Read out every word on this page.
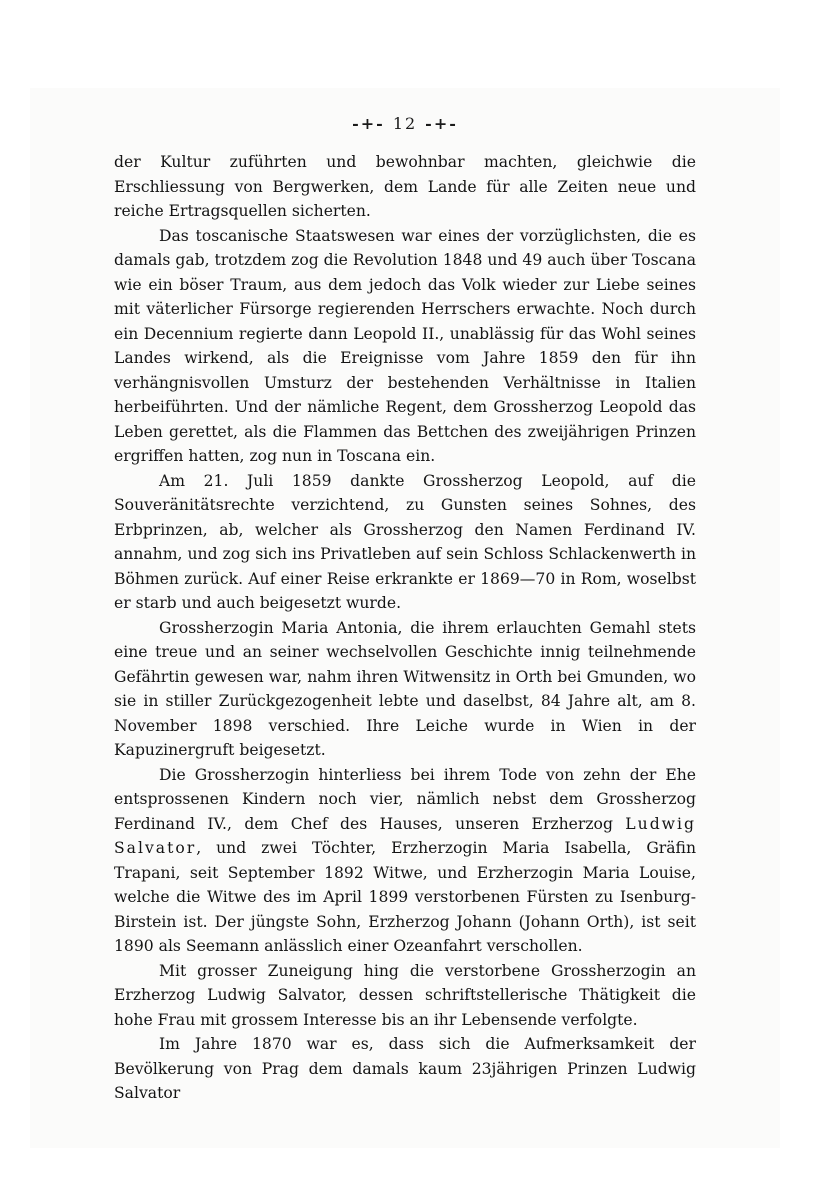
-+- 12 -+-

der Kultur zuführten und bewohnbar machten, gleichwie die Erschliessung von Bergwerken, dem Lande für alle Zeiten neue und reiche Ertragsquellen sicherten.

Das toscanische Staatswesen war eines der vorzüglichsten, die es damals gab, trotzdem zog die Revolution 1848 und 49 auch über Toscana wie ein böser Traum, aus dem jedoch das Volk wieder zur Liebe seines mit väterlicher Fürsorge regierenden Herrschers erwachte. Noch durch ein Decennium regierte dann Leopold II., unablässig für das Wohl seines Landes wirkend, als die Ereignisse vom Jahre 1859 den für ihn verhängnisvollen Umsturz der bestehenden Verhältnisse in Italien herbeiführten. Und der nämliche Regent, dem Grossherzog Leopold das Leben gerettet, als die Flammen das Bettchen des zweijährigen Prinzen ergriffen hatten, zog nun in Toscana ein.

Am 21. Juli 1859 dankte Grossherzog Leopold, auf die Souveränitätsrechte verzichtend, zu Gunsten seines Sohnes, des Erbprinzen, ab, welcher als Grossherzog den Namen Ferdinand IV. annahm, und zog sich ins Privatleben auf sein Schloss Schlackenwerth in Böhmen zurück. Auf einer Reise erkrankte er 1869—70 in Rom, woselbst er starb und auch beigesetzt wurde.

Grossherzogin Maria Antonia, die ihrem erlauchten Gemahl stets eine treue und an seiner wechselvollen Geschichte innig teilnehmende Gefährtin gewesen war, nahm ihren Witwensitz in Orth bei Gmunden, wo sie in stiller Zurückgezogenheit lebte und daselbst, 84 Jahre alt, am 8. November 1898 verschied. Ihre Leiche wurde in Wien in der Kapuzinergruft beigesetzt.

Die Grossherzogin hinterliess bei ihrem Tode von zehn der Ehe entsprossenen Kindern noch vier, nämlich nebst dem Grossherzog Ferdinand IV., dem Chef des Hauses, unseren Erzherzog Ludwig Salvator, und zwei Töchter, Erzherzogin Maria Isabella, Gräfin Trapani, seit September 1892 Witwe, und Erzherzogin Maria Louise, welche die Witwe des im April 1899 verstorbenen Fürsten zu Isenburg-Birstein ist. Der jüngste Sohn, Erzherzog Johann (Johann Orth), ist seit 1890 als Seemann anlässlich einer Ozeanfahrt verschollen.

Mit grosser Zuneigung hing die verstorbene Grossherzogin an Erzherzog Ludwig Salvator, dessen schriftstellerische Thätigkeit die hohe Frau mit grossem Interesse bis an ihr Lebensende verfolgte.

Im Jahre 1870 war es, dass sich die Aufmerksamkeit der Bevölkerung von Prag dem damals kaum 23jährigen Prinzen Ludwig Salvator
